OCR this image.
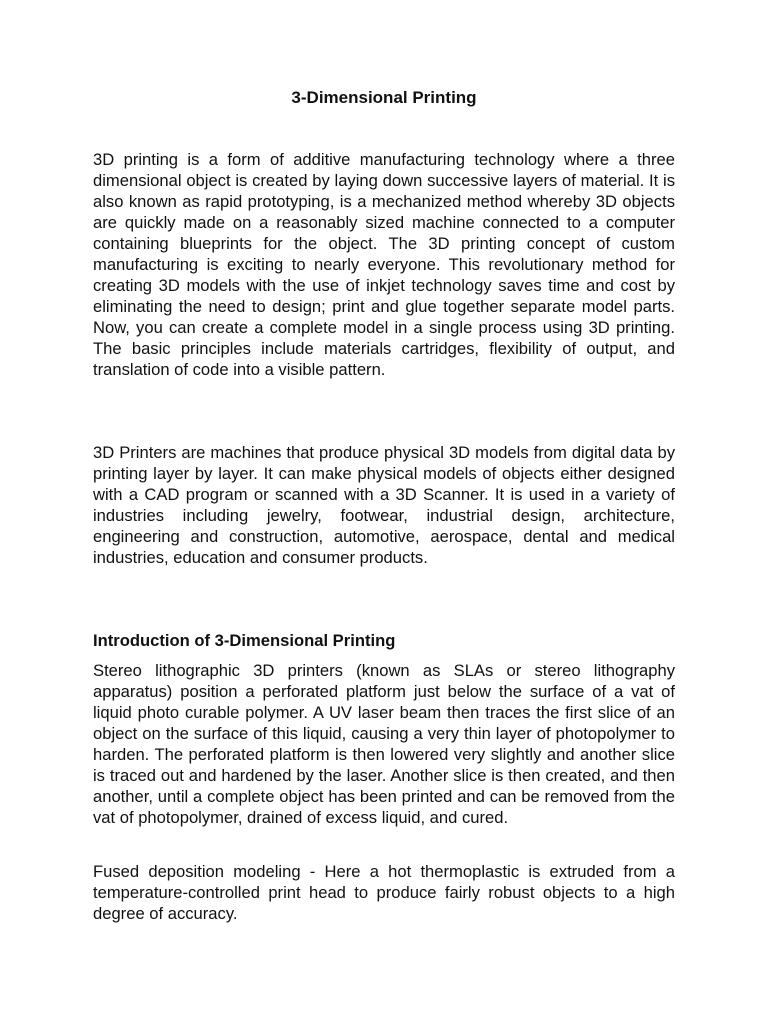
3-Dimensional Printing

3D printing is a form of additive manufacturing technology where a three dimensional object is created by laying down successive layers of material. It is also known as rapid prototyping, is a mechanized method whereby 3D objects are quickly made on a reasonably sized machine connected to a computer containing blueprints for the object. The 3D printing concept of custom manufacturing is exciting to nearly everyone. This revolutionary method for creating 3D models with the use of inkjet technology saves time and cost by eliminating the need to design; print and glue together separate model parts. Now, you can create a complete model in a single process using 3D printing. The basic principles include materials cartridges, flexibility of output, and translation of code into a visible pattern.

3D Printers are machines that produce physical 3D models from digital data by printing layer by layer. It can make physical models of objects either designed with a CAD program or scanned with a 3D Scanner. It is used in a variety of industries including jewelry, footwear, industrial design, architecture, engineering and construction, automotive, aerospace, dental and medical industries, education and consumer products.

Introduction of 3-Dimensional Printing

Stereo lithographic 3D printers (known as SLAs or stereo lithography apparatus) position a perforated platform just below the surface of a vat of liquid photo curable polymer. A UV laser beam then traces the first slice of an object on the surface of this liquid, causing a very thin layer of photopolymer to harden. The perforated platform is then lowered very slightly and another slice is traced out and hardened by the laser. Another slice is then created, and then another, until a complete object has been printed and can be removed from the vat of photopolymer, drained of excess liquid, and cured.

Fused deposition modeling - Here a hot thermoplastic is extruded from a temperature-controlled print head to produce fairly robust objects to a high degree of accuracy.
